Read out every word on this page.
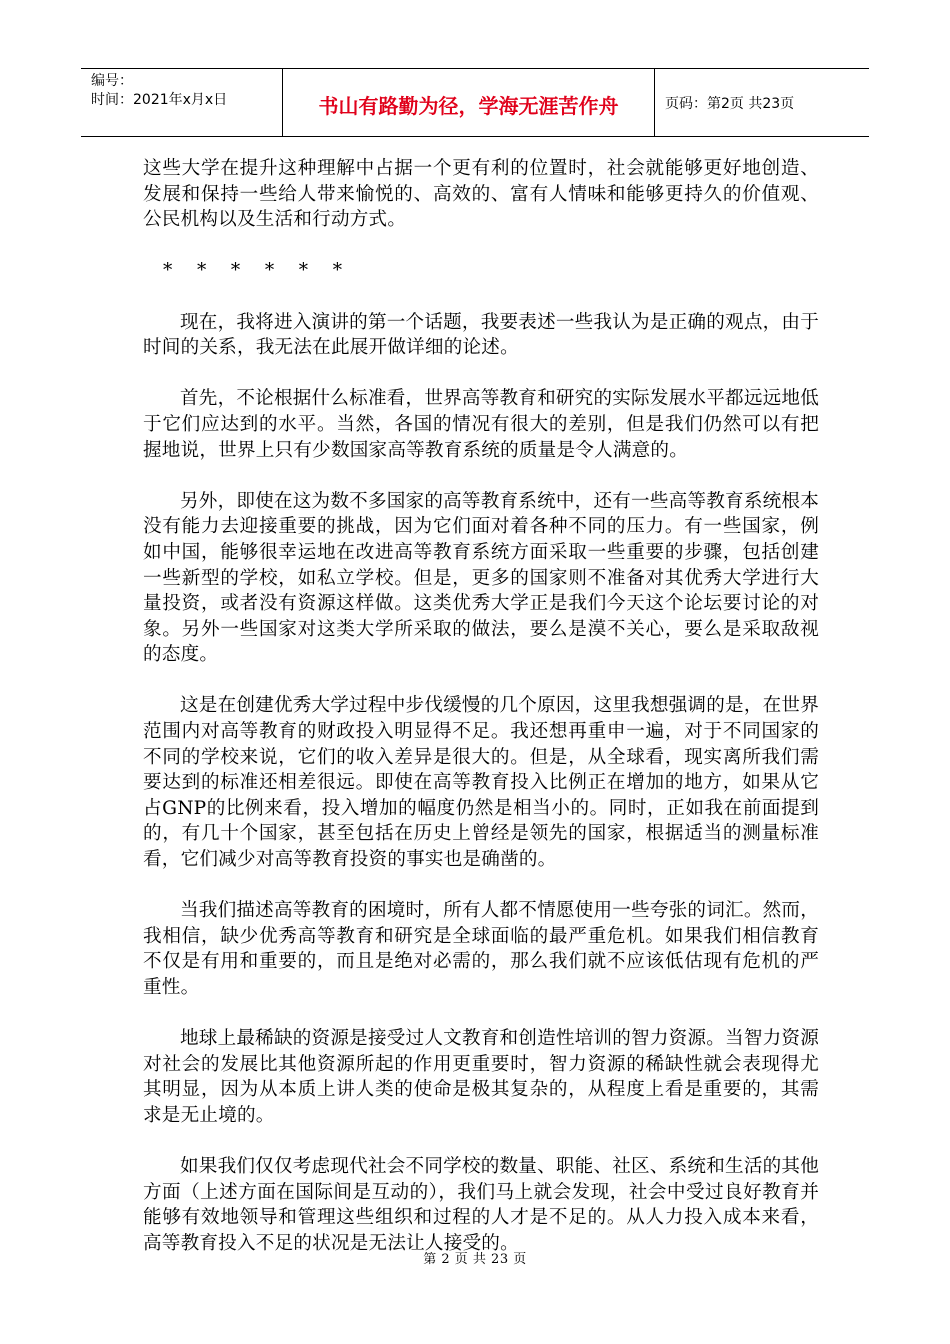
编号：
时间：2021年x月x日	书山有路勤为径，学海无涯苦作舟	页码：第2页 共23页

这些大学在提升这种理解中占据一个更有利的位置时，社会就能够更好地创造、发展和保持一些给人带来愉悦的、高效的、富有人情味和能够更持久的价值观、公民机构以及生活和行动方式。

*    *    *    *    *    *

现在，我将进入演讲的第一个话题，我要表述一些我认为是正确的观点，由于时间的关系，我无法在此展开做详细的论述。

首先，不论根据什么标准看，世界高等教育和研究的实际发展水平都远远地低于它们应达到的水平。当然，各国的情况有很大的差别，但是我们仍然可以有把握地说，世界上只有少数国家高等教育系统的质量是令人满意的。

另外，即使在这为数不多国家的高等教育系统中，还有一些高等教育系统根本没有能力去迎接重要的挑战，因为它们面对着各种不同的压力。有一些国家，例如中国，能够很幸运地在改进高等教育系统方面采取一些重要的步骤，包括创建一些新型的学校，如私立学校。但是，更多的国家则不准备对其优秀大学进行大量投资，或者没有资源这样做。这类优秀大学正是我们今天这个论坛要讨论的对象。另外一些国家对这类大学所采取的做法，要么是漠不关心，要么是采取敌视的态度。

这是在创建优秀大学过程中步伐缓慢的几个原因，这里我想强调的是，在世界范围内对高等教育的财政投入明显得不足。我还想再重申一遍，对于不同国家的不同的学校来说，它们的收入差异是很大的。但是，从全球看，现实离所我们需要达到的标准还相差很远。即使在高等教育投入比例正在增加的地方，如果从它占GNP的比例来看，投入增加的幅度仍然是相当小的。同时，正如我在前面提到的，有几十个国家，甚至包括在历史上曾经是领先的国家，根据适当的测量标准看，它们减少对高等教育投资的事实也是确凿的。

当我们描述高等教育的困境时，所有人都不情愿使用一些夸张的词汇。然而，我相信，缺少优秀高等教育和研究是全球面临的最严重危机。如果我们相信教育不仅是有用和重要的，而且是绝对必需的，那么我们就不应该低估现有危机的严重性。

地球上最稀缺的资源是接受过人文教育和创造性培训的智力资源。当智力资源对社会的发展比其他资源所起的作用更重要时，智力资源的稀缺性就会表现得尤其明显，因为从本质上讲人类的使命是极其复杂的，从程度上看是重要的，其需求是无止境的。

如果我们仅仅考虑现代社会不同学校的数量、职能、社区、系统和生活的其他方面（上述方面在国际间是互动的），我们马上就会发现，社会中受过良好教育并能够有效地领导和管理这些组织和过程的人才是不足的。从人力投入成本来看，高等教育投入不足的状况是无法让人接受的。

第 2 页 共 23 页
